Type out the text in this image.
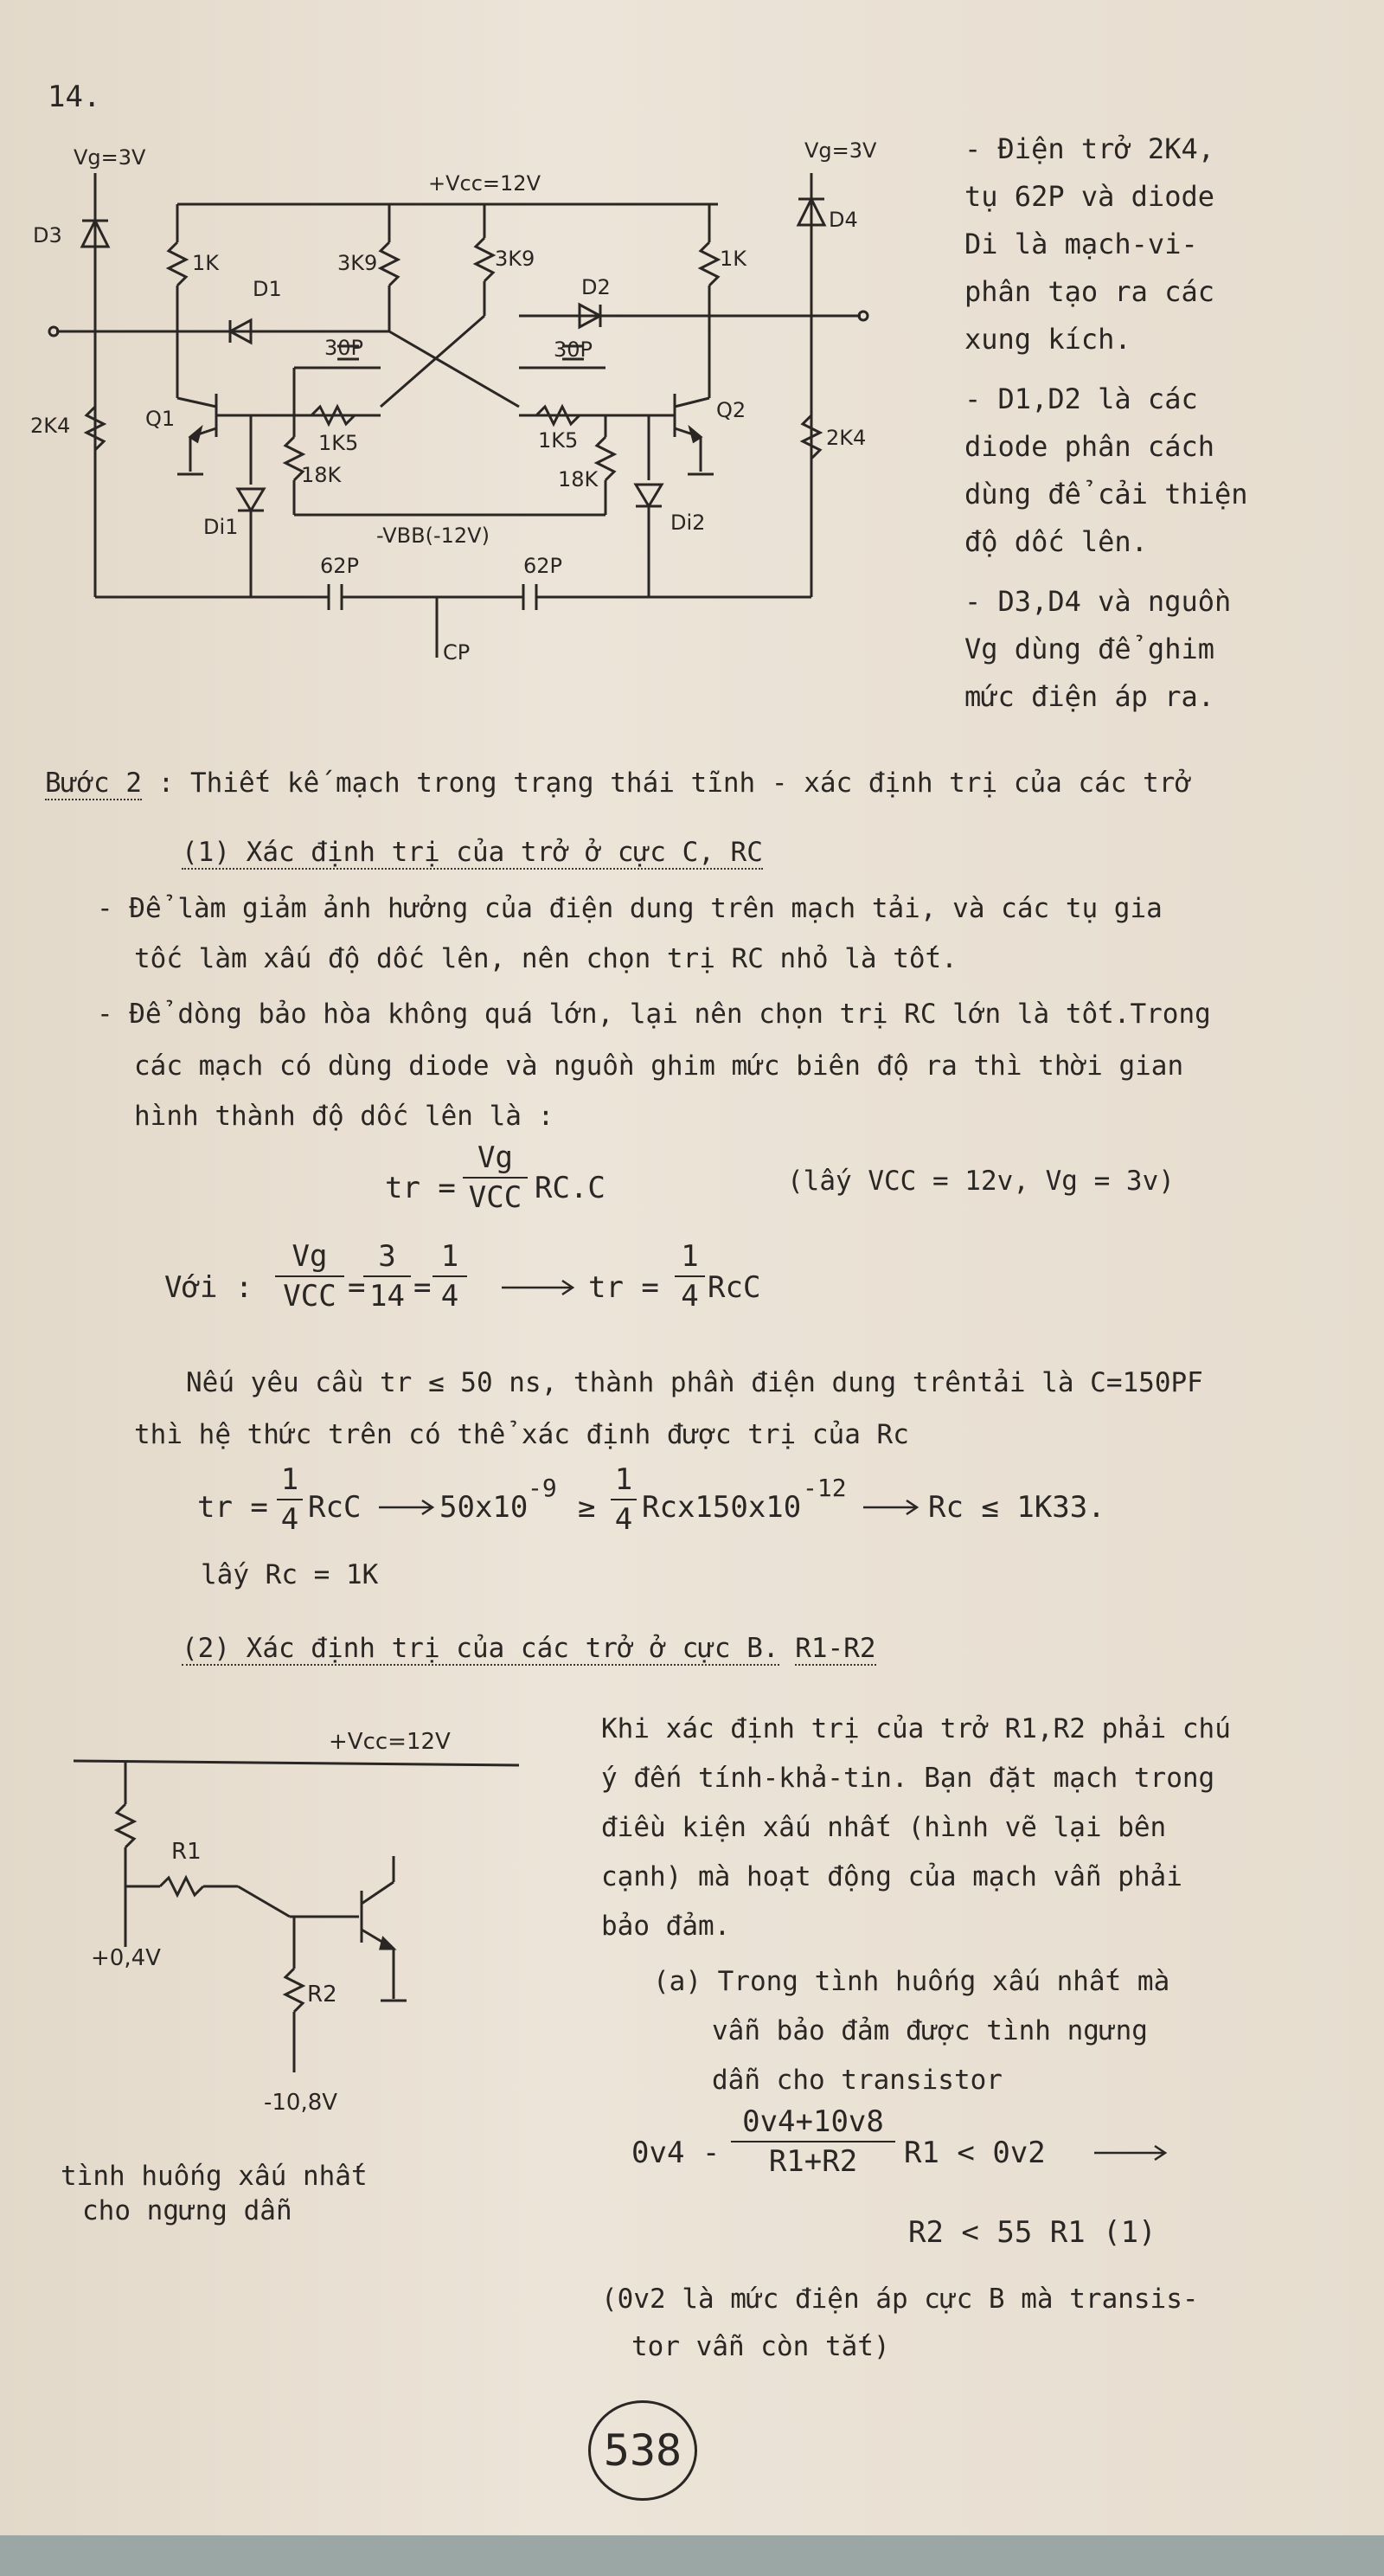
14.
Vg=3V	Vg=3V
+Vcc=12V
D3
D4
D1	D2
1K	1K
3K9	3K9
30P	30P
1K5	1K5
18K	18K
2K4	2K4
Q1	Q2
Di1	Di2
-VBB(-12V)
62P	62P
CP
- Điện trở 2K4,
tụ 62P và diode
Di là mạch-vi-
phân tạo ra các
xung kích.
- D1,D2 là các
diode phân cách
dùng để cải thiện
độ dốc lên.
- D3,D4 và nguồn
Vg dùng để ghim
mức điện áp ra.
Bước 2 : Thiết kế mạch trong trạng thái tĩnh - xác định trị của các trở
(1) Xác định trị của trở ở cực C, RC
- Để làm giảm ảnh hưởng của điện dung trên mạch tải, và các tụ gia
tốc làm xấu độ dốc lên, nên chọn trị RC nhỏ là tốt.
- Để dòng bảo hòa không quá lớn, lại nên chọn trị RC lớn là tốt.Trong
các mạch có dùng diode và nguồn ghim mức biên độ ra thì thời gian
hình thành độ dốc lên là :
tr =
Vg
VCC RC.C	(lấy VCC = 12v, Vg = 3v)
Với :
Vg
VCC =
3
14 =
1
4	tr =
1
4 RcC
Nếu yêu cầu tr ≤ 50 ns, thành phần điện dung trêntải là C=150PF
thì hệ thức trên có thể xác định được trị của Rc
tr =
1
4 RcC	50x10
-9
≥
1
4 Rcx150x10
-12
Rc ≤ 1K33.
lấy Rc = 1K
(2) Xác định trị của các trở ở cực B. R1-R2
+Vcc=12V
R1
R2
+0,4V
-10,8V
tình huống xấu nhất
cho ngưng dẫn
Khi xác định trị của trở R1,R2 phải chú
ý đến tính-khả-tin. Bạn đặt mạch trong
điều kiện xấu nhất (hình vẽ lại bên
cạnh) mà hoạt động của mạch vẫn phải
bảo đảm.
(a) Trong tình huống xấu nhất mà
vẫn bảo đảm được tình ngưng
dẫn cho transistor
0v4 -
0v4+10v8
R1+R2	R1 < 0v2
R2 < 55 R1 (1)
(0v2 là mức điện áp cực B mà transis-
tor vẫn còn tắt)
538
